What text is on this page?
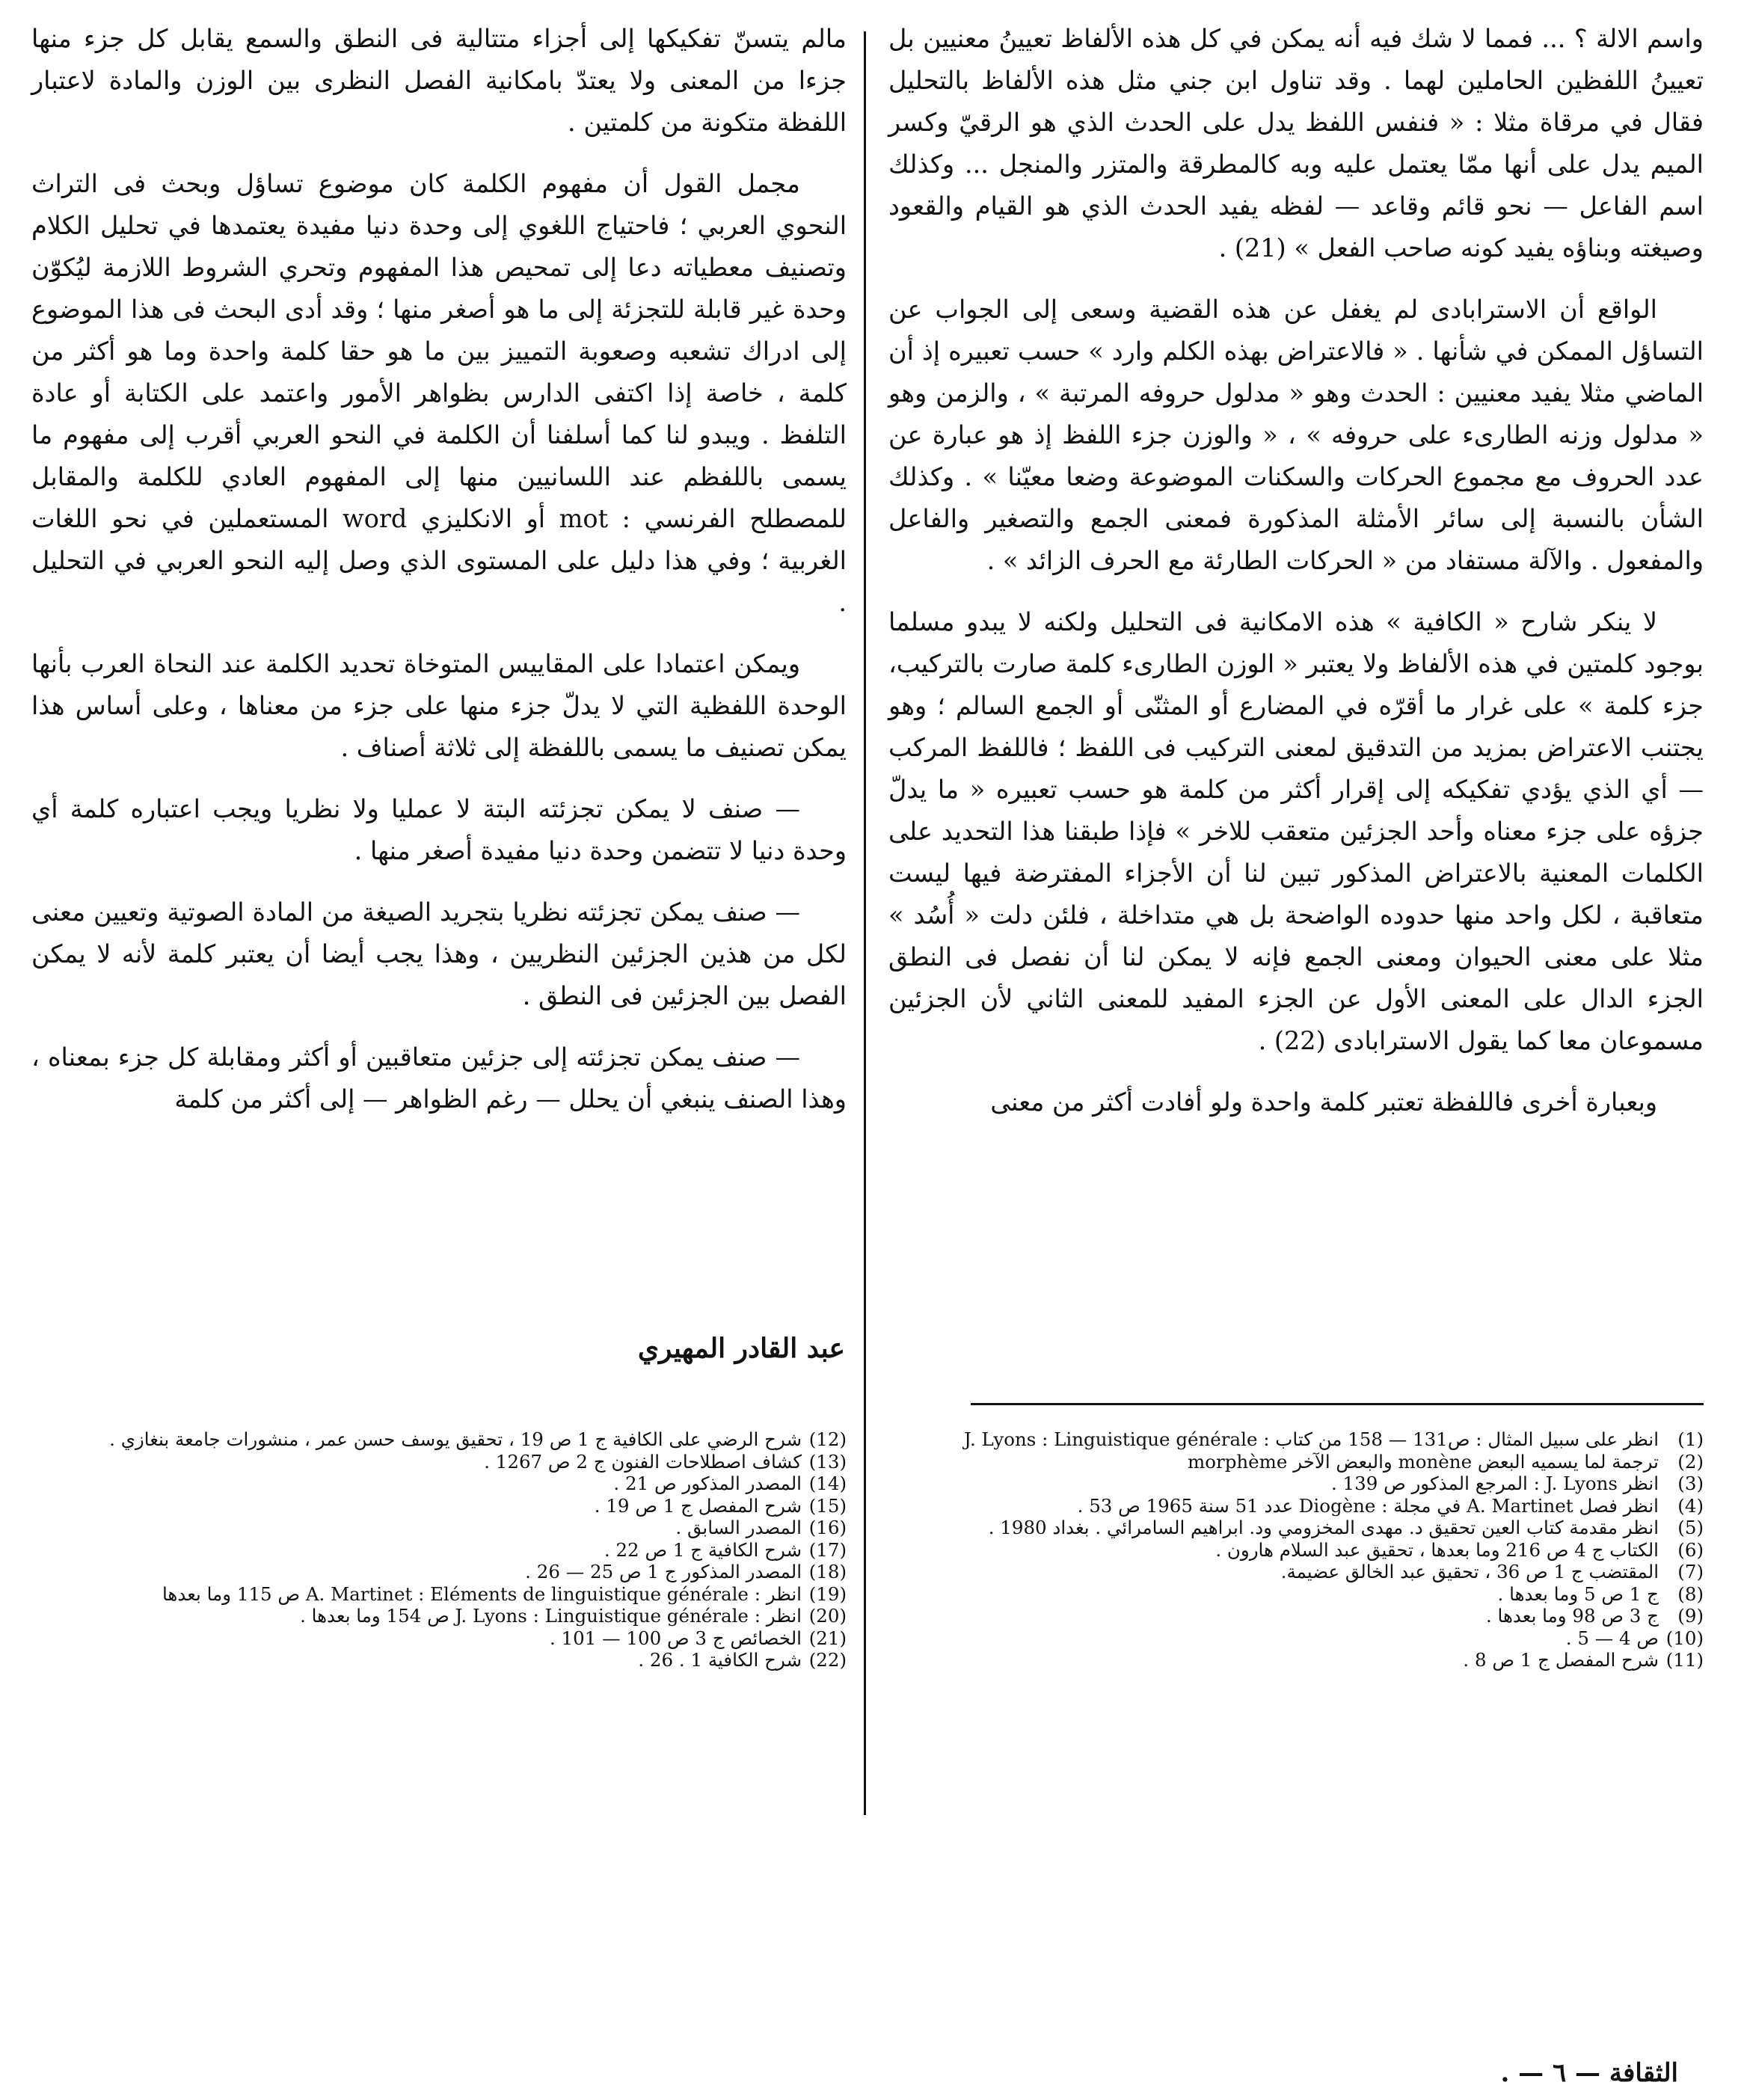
واسم الالة ؟ ... فمما لا شك فيه أنه يمكن في كل هذه الألفاظ تعيينُ معنيين بل تعيينُ اللفظين الحاملين لهما . وقد تناول ابن جني مثل هذه الألفاظ بالتحليل فقال في مرقاة مثلا : « فنفس اللفظ يدل على الحدث الذي هو الرقيّ وكسر الميم يدل على أنها ممّا يعتمل عليه وبه كالمطرقة والمتزر والمنجل ... وكذلك اسم الفاعل — نحو قائم وقاعد — لفظه يفيد الحدث الذي هو القيام والقعود وصيغته وبناؤه يفيد كونه صاحب الفعل » (21) .

الواقع أن الاسترابادى لم يغفل عن هذه القضية وسعى إلى الجواب عن التساؤل الممكن في شأنها . « فالاعتراض بهذه الكلم وارد » حسب تعبيره إذ أن الماضي مثلا يفيد معنيين : الحدث وهو « مدلول حروفه المرتبة » ، والزمن وهو « مدلول وزنه الطارىء على حروفه » ، « والوزن جزء اللفظ إذ هو عبارة عن عدد الحروف مع مجموع الحركات والسكنات الموضوعة وضعا معيّنا » . وكذلك الشأن بالنسبة إلى سائر الأمثلة المذكورة فمعنى الجمع والتصغير والفاعل والمفعول . والآلة مستفاد من « الحركات الطارئة مع الحرف الزائد » .

لا ينكر شارح « الكافية » هذه الامكانية فى التحليل ولكنه لا يبدو مسلما بوجود كلمتين في هذه الألفاظ ولا يعتبر « الوزن الطارىء كلمة صارت بالتركيب، جزء كلمة » على غرار ما أقرّه في المضارع أو المثنّى أو الجمع السالم ؛ وهو يجتنب الاعتراض بمزيد من التدقيق لمعنى التركيب فى اللفظ ؛ فاللفظ المركب — أي الذي يؤدي تفكيكه إلى إقرار أكثر من كلمة هو حسب تعبيره « ما يدلّ جزؤه على جزء معناه وأحد الجزئين متعقب للاخر » فإذا طبقنا هذا التحديد على الكلمات المعنية بالاعتراض المذكور تبين لنا أن الأجزاء المفترضة فيها ليست متعاقبة ، لكل واحد منها حدوده الواضحة بل هي متداخلة ، فلئن دلت « أُسُد » مثلا على معنى الحيوان ومعنى الجمع فإنه لا يمكن لنا أن نفصل فى النطق الجزء الدال على المعنى الأول عن الجزء المفيد للمعنى الثاني لأن الجزئين مسموعان معا كما يقول الاسترابادى (22) .

وبعبارة أخرى فاللفظة تعتبر كلمة واحدة ولو أفادت أكثر من معنى

مالم يتسنّ تفكيكها إلى أجزاء متتالية فى النطق والسمع يقابل كل جزء منها جزءا من المعنى ولا يعتدّ بامكانية الفصل النظرى بين الوزن والمادة لاعتبار اللفظة متكونة من كلمتين .

مجمل القول أن مفهوم الكلمة كان موضوع تساؤل وبحث فى التراث النحوي العربي ؛ فاحتياج اللغوي إلى وحدة دنيا مفيدة يعتمدها في تحليل الكلام وتصنيف معطياته دعا إلى تمحيص هذا المفهوم وتحري الشروط اللازمة ليُكوّن وحدة غير قابلة للتجزئة إلى ما هو أصغر منها ؛ وقد أدى البحث فى هذا الموضوع إلى ادراك تشعبه وصعوبة التمييز بين ما هو حقا كلمة واحدة وما هو أكثر من كلمة ، خاصة إذا اكتفى الدارس بظواهر الأمور واعتمد على الكتابة أو عادة التلفظ . ويبدو لنا كما أسلفنا أن الكلمة في النحو العربي أقرب إلى مفهوم ما يسمى باللفظم عند اللسانيين منها إلى المفهوم العادي للكلمة والمقابل للمصطلح الفرنسي : mot أو الانكليزي word المستعملين في نحو اللغات الغربية ؛ وفي هذا دليل على المستوى الذي وصل إليه النحو العربي في التحليل .

ويمكن اعتمادا على المقاييس المتوخاة تحديد الكلمة عند النحاة العرب بأنها الوحدة اللفظية التي لا يدلّ جزء منها على جزء من معناها ، وعلى أساس هذا يمكن تصنيف ما يسمى باللفظة إلى ثلاثة أصناف .

— صنف لا يمكن تجزئته البتة لا عمليا ولا نظريا ويجب اعتباره كلمة أي وحدة دنيا لا تتضمن وحدة دنيا مفيدة أصغر منها .

— صنف يمكن تجزئته نظريا بتجريد الصيغة من المادة الصوتية وتعيين معنى لكل من هذين الجزئين النظريين ، وهذا يجب أيضا أن يعتبر كلمة لأنه لا يمكن الفصل بين الجزئين فى النطق .

— صنف يمكن تجزئته إلى جزئين متعاقبين أو أكثر ومقابلة كل جزء بمعناه ، وهذا الصنف ينبغي أن يحلل — رغم الظواهر — إلى أكثر من كلمة

عبد القادر المهيري
(1)
انظر على سبيل المثال : ص131 — 158 من كتاب : J. Lyons : Linguistique générale
(2)
ترجمة لما يسميه البعض monène والبعض الآخر morphème
(3)
انظر J. Lyons : المرجع المذكور ص 139 .
(4)
انظر فصل A. Martinet في مجلة : Diogène عدد 51 سنة 1965 ص 53 .
(5)
انظر مقدمة كتاب العين تحقيق د. مهدى المخزومي ود. ابراهيم السامرائي . بغداد 1980 .
(6)
الكتاب ج 4 ص 216 وما بعدها ، تحقيق عبد السلام هارون .
(7)
المقتضب ج 1 ص 36 ، تحقيق عبد الخالق عضيمة.
(8)
ج 1 ص 5 وما بعدها .
(9)
ج 3 ص 98 وما بعدها .
(10)
ص 4 — 5 .
(11)
شرح المفصل ج 1 ص 8 .
(12)
شرح الرضي على الكافية ج 1 ص 19 ، تحقيق يوسف حسن عمر ، منشورات جامعة بنغازي .
(13)
كشاف اصطلاحات الفنون ج 2 ص 1267 .
(14)
المصدر المذكور ص 21 .
(15)
شرح المفصل ج 1 ص 19 .
(16)
المصدر السابق .
(17)
شرح الكافية ج 1 ص 22 .
(18)
المصدر المذكور ج 1 ص 25 — 26 .
(19)
انظر : A. Martinet : Eléments de linguistique générale ص 115 وما بعدها
(20)
انظر : J. Lyons : Linguistique générale ص 154 وما بعدها .
(21)
الخصائص ج 3 ص 100 — 101 .
(22)
شرح الكافية 1 . 26 .
الثقافة — ٦ — .
